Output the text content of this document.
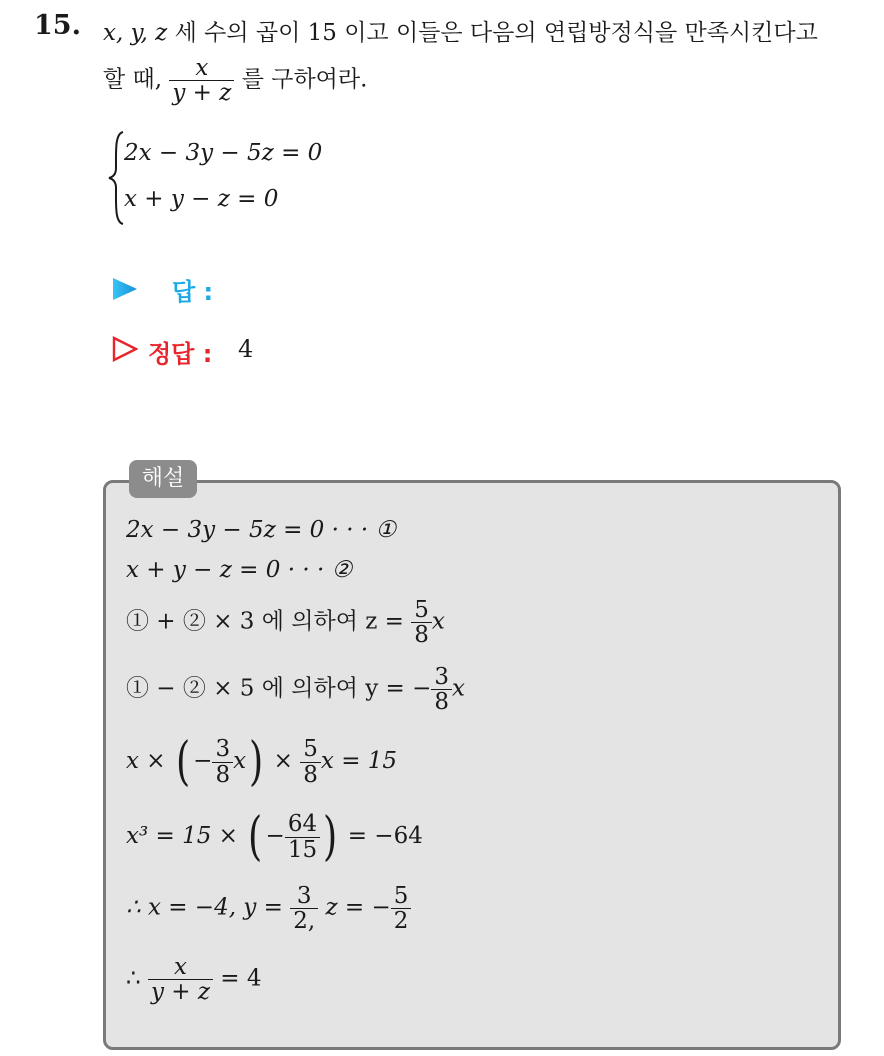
15. x, y, z 세 수의 곱이 15 이고 이들은 다음의 연립방정식을 만족시킨다고
할 때, $\frac{x}{y + z}$ 를 구하여라.
2x − 3y − 5z = 0
x + y − z = 0
답 :
정답 : 4
해설
2x − 3y − 5z = 0 · · · ①
x + y − z = 0 · · · ②
① + ② × 3 에 의하여 $z = \frac{5}{8}$ x
① − ② × 5 에 의하여 y = − $\frac{3}{8}$ x
x × ( − $\frac{3}{8} x) \times \frac{5}{8}$ x = 15
x³ = 15 × ( − $\frac{64}{15}$ ) = −64
∴ x = −4, $y = \frac{3}{2,}$ z = − $\frac{5}{2}$
∴ $\frac{x}{y + z} = 4$
